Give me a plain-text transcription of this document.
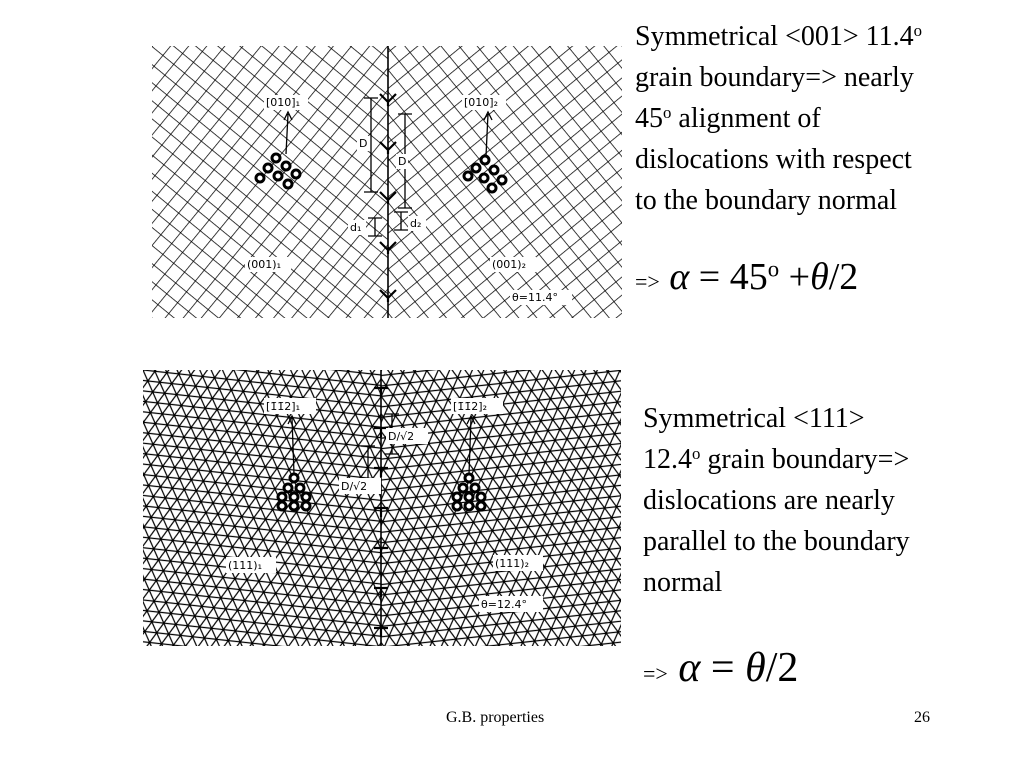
[010]₁	[010]₂
D
D
d₁	d₂
(001)₁	(001)₂
θ=11.4°
[1̄1̄2]₁	[1̄1̄2]₂
D/√2
D/√2
(111)₁	(111)₂
θ=12.4°
Symmetrical $<001> 11.4^o$
grain boundary=> nearly
45$^o$ alignment of
dislocations with respect
to the boundary normal
=> $\alpha = 45^o +\theta/2$
Symmetrical <111>
$12.4^o$ grain boundary=>
dislocations are nearly
parallel to the boundary
normal
=> α = θ/2
G.B. properties	26
